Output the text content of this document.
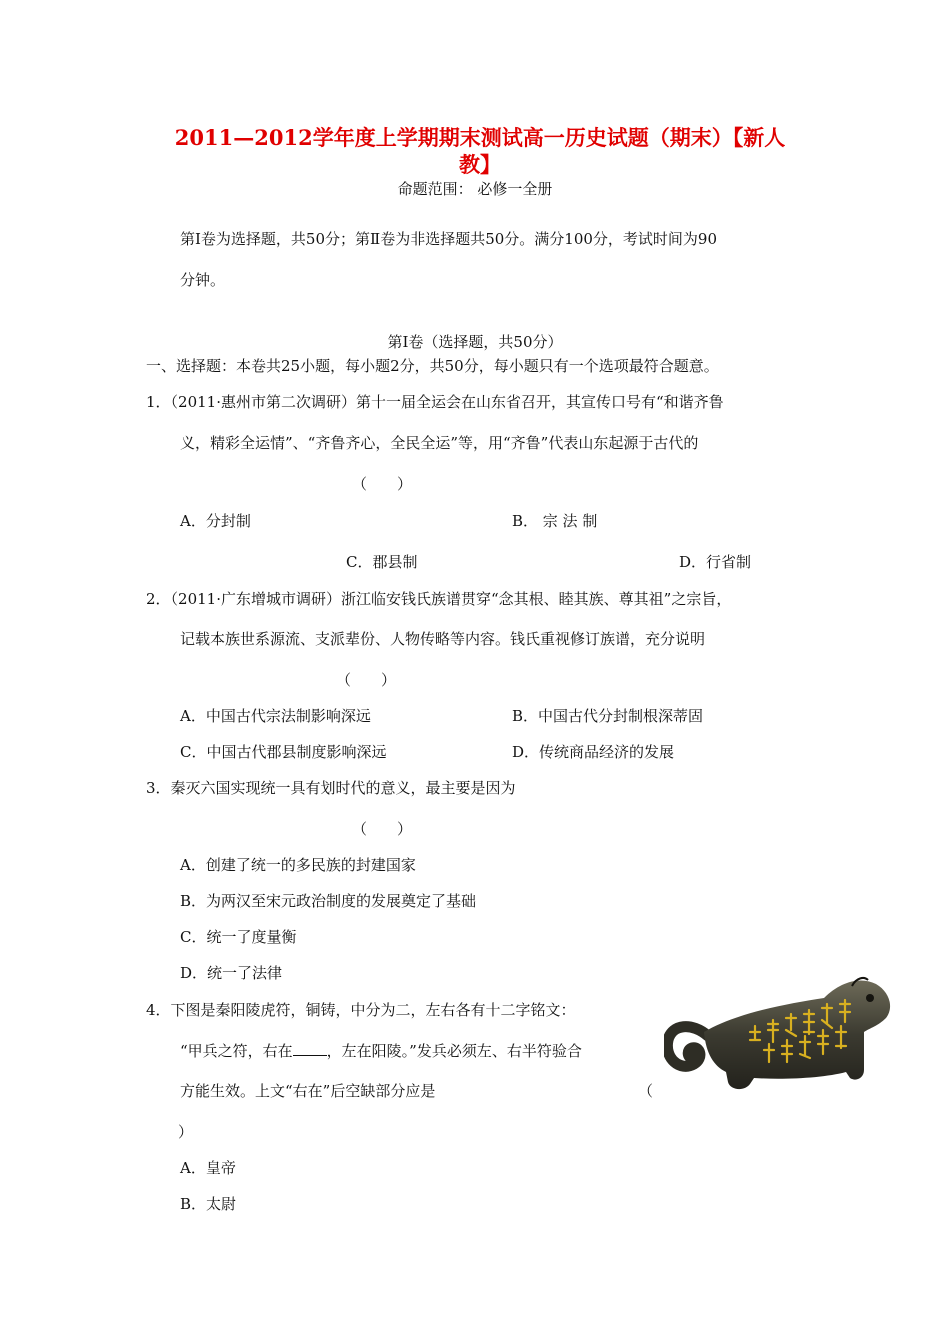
2011—2012学年度上学期期末测试高一历史试题（期末）【新人
教】
命题范围： 必修一全册
第Ⅰ卷为选择题，共50分；第Ⅱ卷为非选择题共50分。满分100分，考试时间为90
分钟。
第Ⅰ卷（选择题，共50分）
一、选择题：本卷共25小题，每小题2分，共50分，每小题只有一个选项最符合题意。
1．（2011·惠州市第二次调研）第十一届全运会在山东省召开，其宣传口号有“和谐齐鲁
义，精彩全运情”、“齐鲁齐心，全民全运”等，用“齐鲁”代表山东起源于古代的
（　　）
A．分封制	B． 宗 法 制
C．郡县制	D．行省制
2．（2011·广东增城市调研）浙江临安钱氏族谱贯穿“念其根、睦其族、尊其祖”之宗旨，
记载本族世系源流、支派辈份、人物传略等内容。钱氏重视修订族谱，充分说明
（　　）
A．中国古代宗法制影响深远	B．中国古代分封制根深蒂固
C．中国古代郡县制度影响深远	D．传统商品经济的发展
3．秦灭六国实现统一具有划时代的意义，最主要是因为
（　　）
A．创建了统一的多民族的封建国家
B．为两汉至宋元政治制度的发展奠定了基础
C．统一了度量衡
D．统一了法律
4．下图是秦阳陵虎符，铜铸，中分为二，左右各有十二字铭文：
“甲兵之符，右在 ，左在阳陵。”发兵必须左、右半符验合
方能生效。上文“右在”后空缺部分应是	（
）
A．皇帝
B．太尉
